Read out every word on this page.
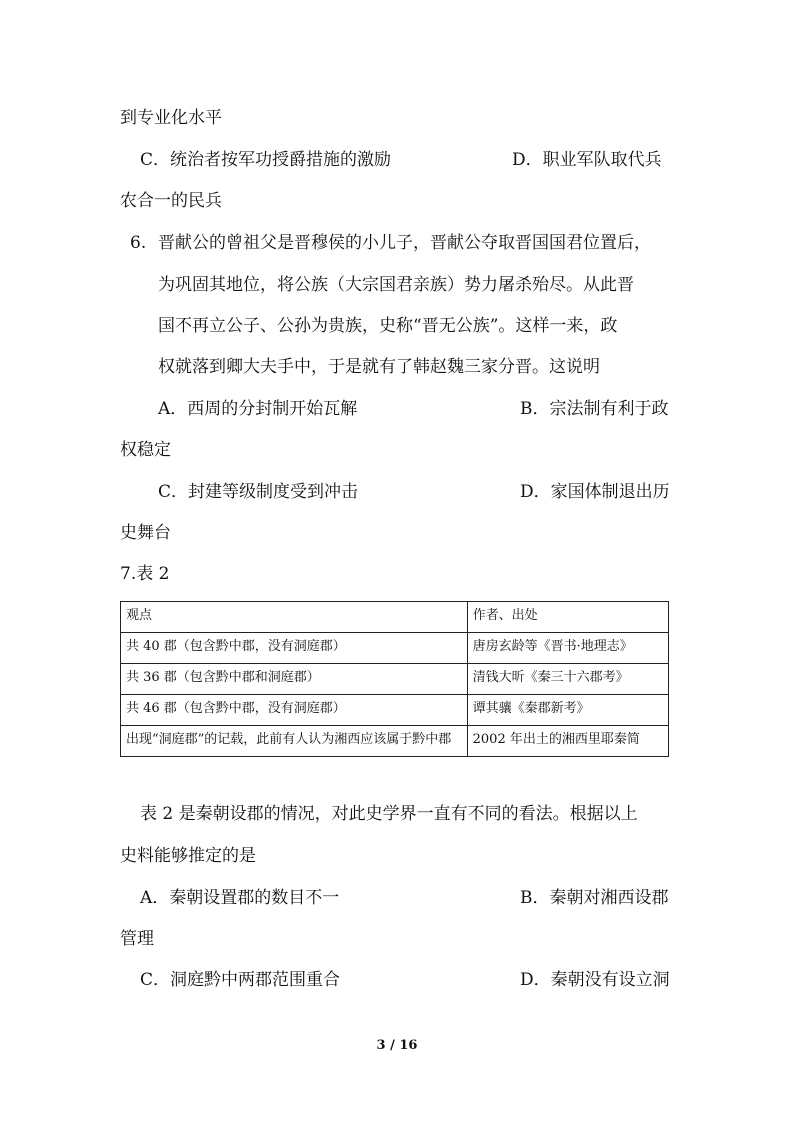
到专业化水平
C．统治者按军功授爵措施的激励	D．职业军队取代兵
农合一的民兵
6. 晋献公的曾祖父是晋穆侯的小儿子，晋献公夺取晋国国君位置后，
为巩固其地位，将公族（大宗国君亲族）势力屠杀殆尽。从此晋
国不再立公子、公孙为贵族，史称“晋无公族”。这样一来，政
权就落到卿大夫手中，于是就有了韩赵魏三家分晋。这说明
A．西周的分封制开始瓦解	B．宗法制有利于政
权稳定
C．封建等级制度受到冲击	D．家国体制退出历
史舞台
7.表 2
观点	作者、出处
共 40 郡（包含黔中郡，没有洞庭郡）	唐房玄龄等《晋书·地理志》
共 36 郡（包含黔中郡和洞庭郡）	清钱大昕《秦三十六郡考》
共 46 郡（包含黔中郡，没有洞庭郡）	谭其骧《秦郡新考》
出现“洞庭郡”的记载，此前有人认为湘西应该属于黔中郡	2002 年出土的湘西里耶秦简
表 2 是秦朝设郡的情况，对此史学界一直有不同的看法。根据以上
史料能够推定的是
A．秦朝设置郡的数目不一	B．秦朝对湘西设郡
管理
C．洞庭黔中两郡范围重合	D．秦朝没有设立洞
3 / 16
